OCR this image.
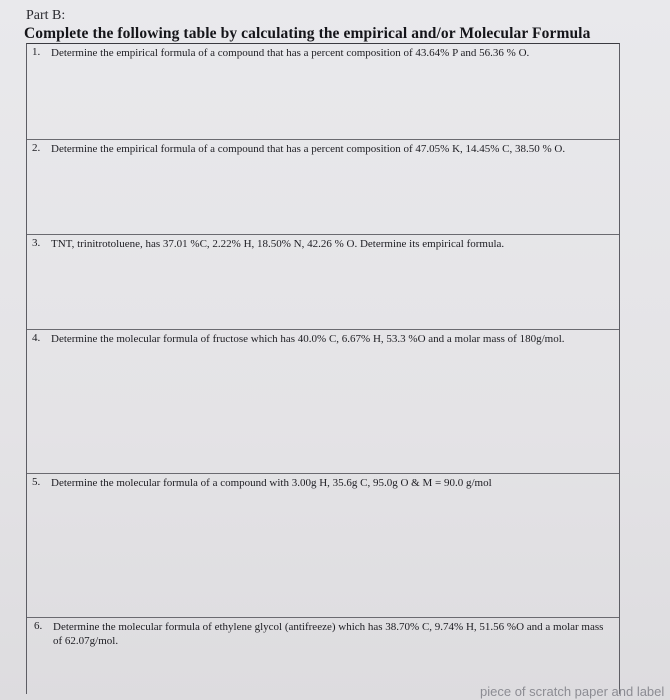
Part B:
Complete the following table by calculating the empirical and/or Molecular Formula
1. Determine the empirical formula of a compound that has a percent composition of 43.64% P and 56.36 % O.
2. Determine the empirical formula of a compound that has a percent composition of 47.05% K, 14.45% C, 38.50 % O.
3. TNT, trinitrotoluene, has 37.01 %C, 2.22% H, 18.50% N, 42.26 % O. Determine its empirical formula.
4. Determine the molecular formula of fructose which has 40.0% C, 6.67% H, 53.3 %O and a molar mass of 180g/mol.
5. Determine the molecular formula of a compound with 3.00g H, 35.6g C, 95.0g O & M = 90.0 g/mol
6. Determine the molecular formula of ethylene glycol (antifreeze) which has 38.70% C, 9.74% H, 51.56 %O and a molar mass of 62.07g/mol.
piece of scratch paper and label
